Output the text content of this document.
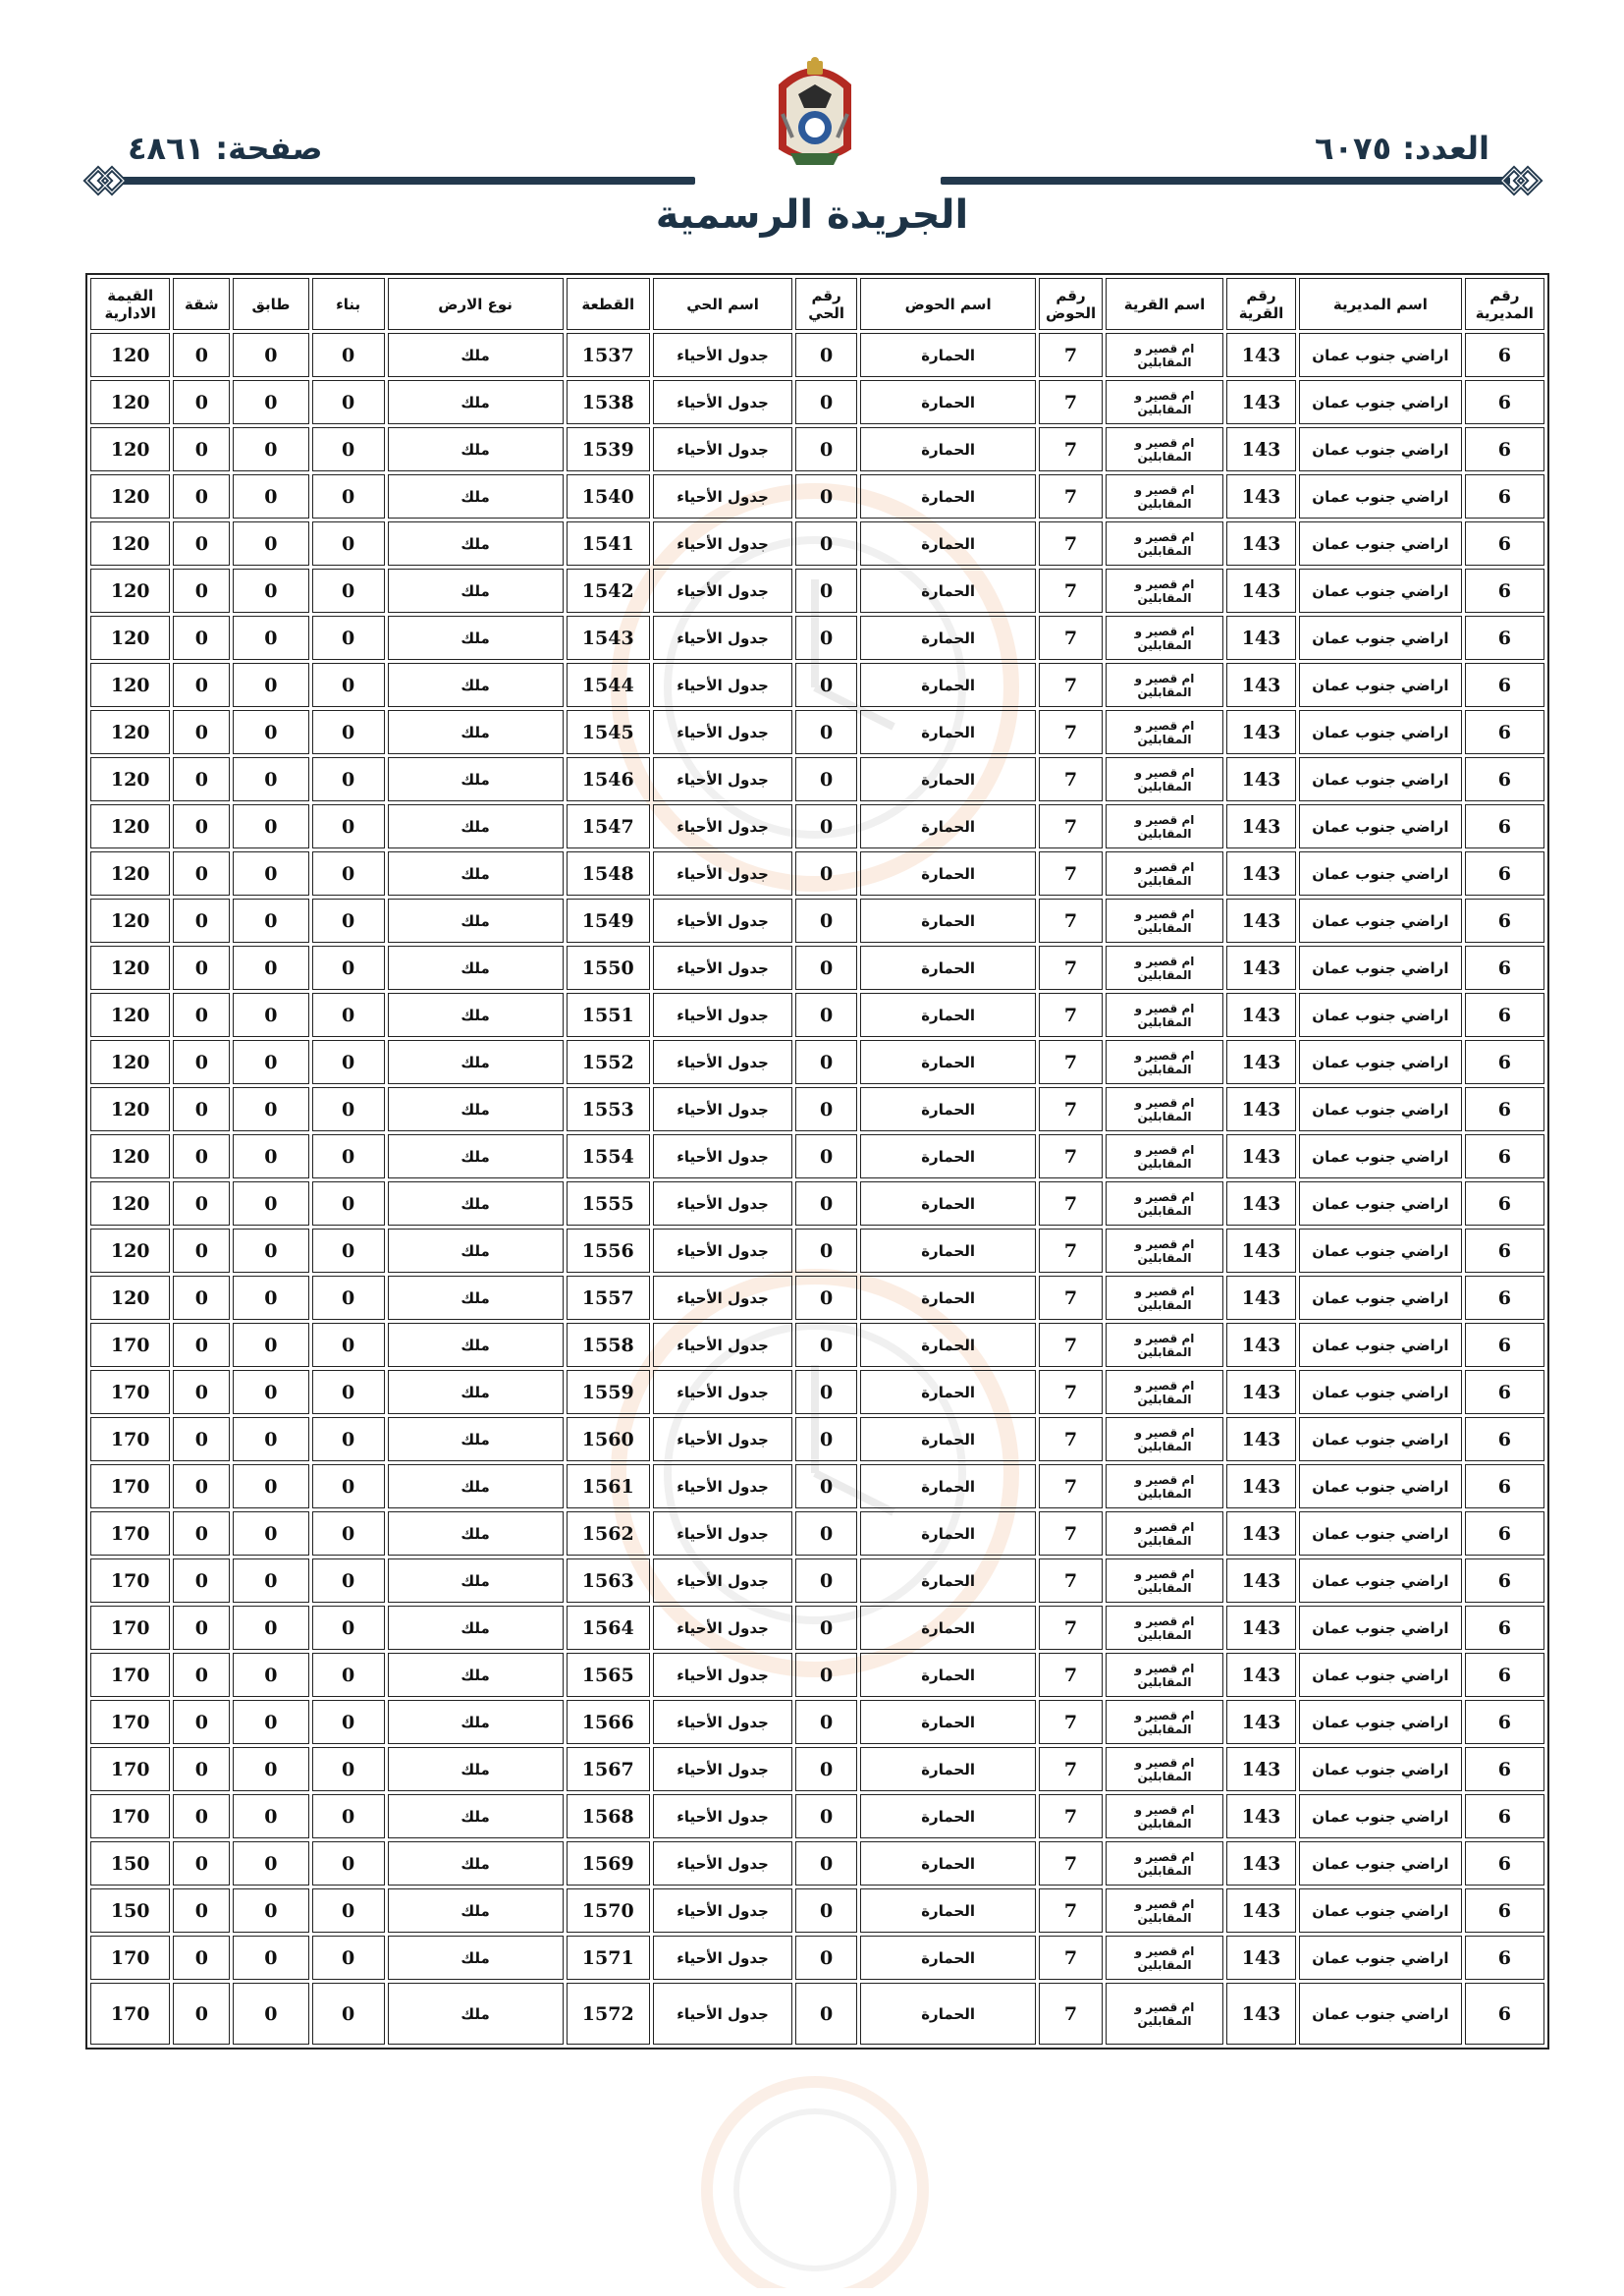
العدد: ٦٠٧٥
صفحة: ٤٨٦١
الجريدة الرسمية
رقم المديرية	اسم المديرية	رقم القرية	اسم القرية	رقم الحوض	اسم الحوض	رقم الحي	اسم الحي	القطعة	نوع الارض	بناء	طابق	شقة	القيمة الادارية
6	اراضي جنوب عمان	143	ام قصير و المقابلين	7	الحمارة	0	جدول الأحياء	1537	ملك	0	0	0	120
6	اراضي جنوب عمان	143	ام قصير و المقابلين	7	الحمارة	0	جدول الأحياء	1538	ملك	0	0	0	120
6	اراضي جنوب عمان	143	ام قصير و المقابلين	7	الحمارة	0	جدول الأحياء	1539	ملك	0	0	0	120
6	اراضي جنوب عمان	143	ام قصير و المقابلين	7	الحمارة	0	جدول الأحياء	1540	ملك	0	0	0	120
6	اراضي جنوب عمان	143	ام قصير و المقابلين	7	الحمارة	0	جدول الأحياء	1541	ملك	0	0	0	120
6	اراضي جنوب عمان	143	ام قصير و المقابلين	7	الحمارة	0	جدول الأحياء	1542	ملك	0	0	0	120
6	اراضي جنوب عمان	143	ام قصير و المقابلين	7	الحمارة	0	جدول الأحياء	1543	ملك	0	0	0	120
6	اراضي جنوب عمان	143	ام قصير و المقابلين	7	الحمارة	0	جدول الأحياء	1544	ملك	0	0	0	120
6	اراضي جنوب عمان	143	ام قصير و المقابلين	7	الحمارة	0	جدول الأحياء	1545	ملك	0	0	0	120
6	اراضي جنوب عمان	143	ام قصير و المقابلين	7	الحمارة	0	جدول الأحياء	1546	ملك	0	0	0	120
6	اراضي جنوب عمان	143	ام قصير و المقابلين	7	الحمارة	0	جدول الأحياء	1547	ملك	0	0	0	120
6	اراضي جنوب عمان	143	ام قصير و المقابلين	7	الحمارة	0	جدول الأحياء	1548	ملك	0	0	0	120
6	اراضي جنوب عمان	143	ام قصير و المقابلين	7	الحمارة	0	جدول الأحياء	1549	ملك	0	0	0	120
6	اراضي جنوب عمان	143	ام قصير و المقابلين	7	الحمارة	0	جدول الأحياء	1550	ملك	0	0	0	120
6	اراضي جنوب عمان	143	ام قصير و المقابلين	7	الحمارة	0	جدول الأحياء	1551	ملك	0	0	0	120
6	اراضي جنوب عمان	143	ام قصير و المقابلين	7	الحمارة	0	جدول الأحياء	1552	ملك	0	0	0	120
6	اراضي جنوب عمان	143	ام قصير و المقابلين	7	الحمارة	0	جدول الأحياء	1553	ملك	0	0	0	120
6	اراضي جنوب عمان	143	ام قصير و المقابلين	7	الحمارة	0	جدول الأحياء	1554	ملك	0	0	0	120
6	اراضي جنوب عمان	143	ام قصير و المقابلين	7	الحمارة	0	جدول الأحياء	1555	ملك	0	0	0	120
6	اراضي جنوب عمان	143	ام قصير و المقابلين	7	الحمارة	0	جدول الأحياء	1556	ملك	0	0	0	120
6	اراضي جنوب عمان	143	ام قصير و المقابلين	7	الحمارة	0	جدول الأحياء	1557	ملك	0	0	0	120
6	اراضي جنوب عمان	143	ام قصير و المقابلين	7	الحمارة	0	جدول الأحياء	1558	ملك	0	0	0	170
6	اراضي جنوب عمان	143	ام قصير و المقابلين	7	الحمارة	0	جدول الأحياء	1559	ملك	0	0	0	170
6	اراضي جنوب عمان	143	ام قصير و المقابلين	7	الحمارة	0	جدول الأحياء	1560	ملك	0	0	0	170
6	اراضي جنوب عمان	143	ام قصير و المقابلين	7	الحمارة	0	جدول الأحياء	1561	ملك	0	0	0	170
6	اراضي جنوب عمان	143	ام قصير و المقابلين	7	الحمارة	0	جدول الأحياء	1562	ملك	0	0	0	170
6	اراضي جنوب عمان	143	ام قصير و المقابلين	7	الحمارة	0	جدول الأحياء	1563	ملك	0	0	0	170
6	اراضي جنوب عمان	143	ام قصير و المقابلين	7	الحمارة	0	جدول الأحياء	1564	ملك	0	0	0	170
6	اراضي جنوب عمان	143	ام قصير و المقابلين	7	الحمارة	0	جدول الأحياء	1565	ملك	0	0	0	170
6	اراضي جنوب عمان	143	ام قصير و المقابلين	7	الحمارة	0	جدول الأحياء	1566	ملك	0	0	0	170
6	اراضي جنوب عمان	143	ام قصير و المقابلين	7	الحمارة	0	جدول الأحياء	1567	ملك	0	0	0	170
6	اراضي جنوب عمان	143	ام قصير و المقابلين	7	الحمارة	0	جدول الأحياء	1568	ملك	0	0	0	170
6	اراضي جنوب عمان	143	ام قصير و المقابلين	7	الحمارة	0	جدول الأحياء	1569	ملك	0	0	0	150
6	اراضي جنوب عمان	143	ام قصير و المقابلين	7	الحمارة	0	جدول الأحياء	1570	ملك	0	0	0	150
6	اراضي جنوب عمان	143	ام قصير و المقابلين	7	الحمارة	0	جدول الأحياء	1571	ملك	0	0	0	170
6	اراضي جنوب عمان	143	ام قصير و المقابلين	7	الحمارة	0	جدول الأحياء	1572	ملك	0	0	0	170
